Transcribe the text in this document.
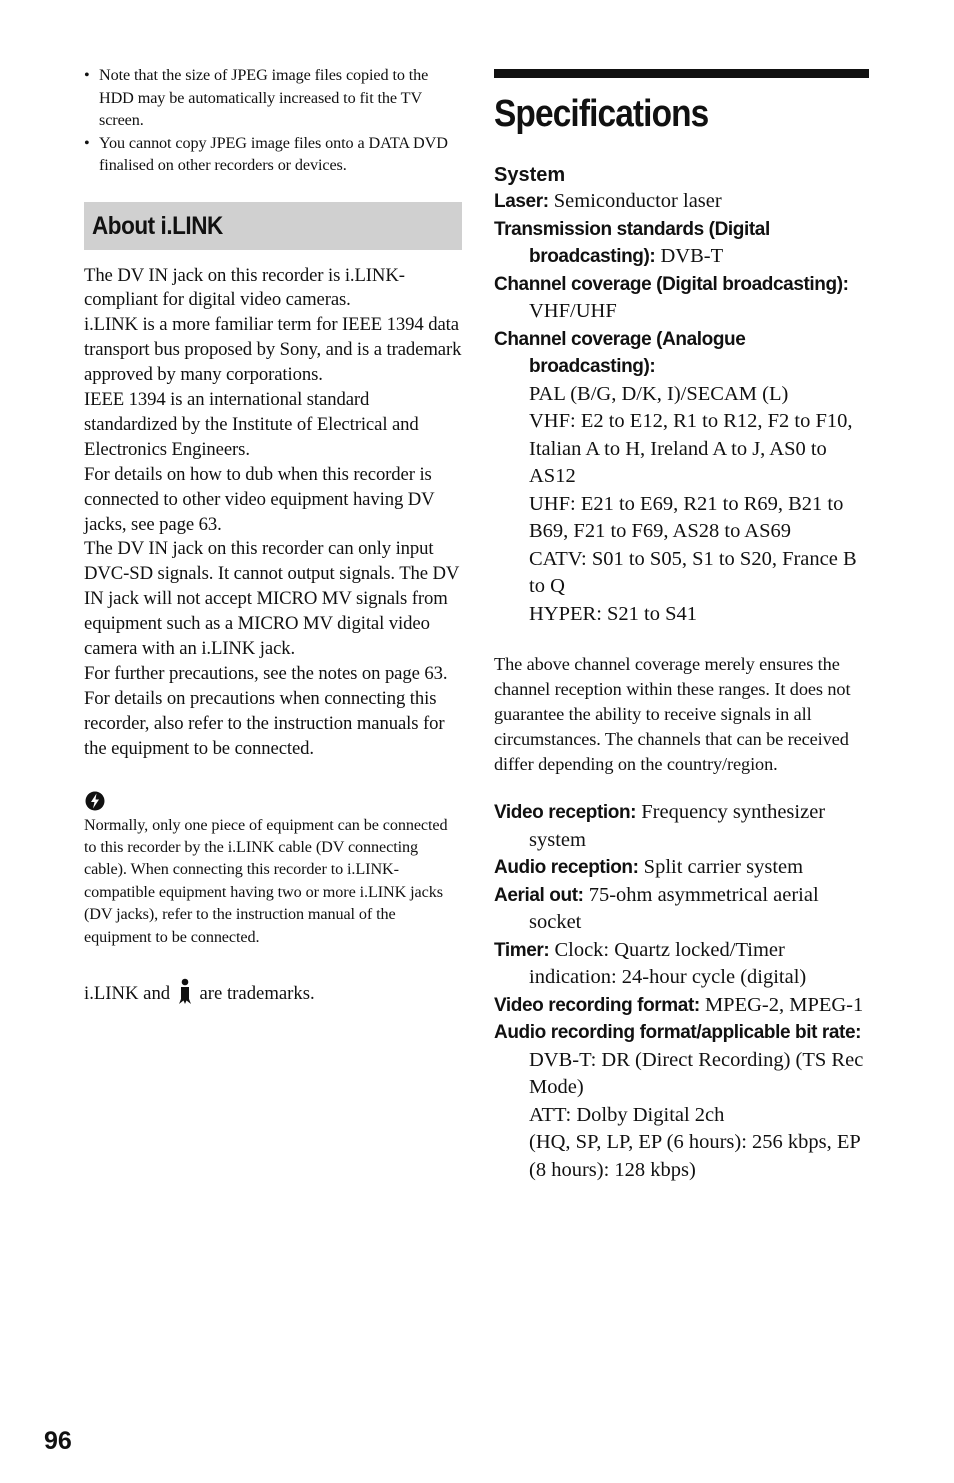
• Note that the size of JPEG image files copied to the HDD may be automatically increased to fit the TV screen.
• You cannot copy JPEG image files onto a DATA DVD finalised on other recorders or devices.
About i.LINK

The DV IN jack on this recorder is i.LINK-compliant for digital video cameras.

i.LINK is a more familiar term for IEEE 1394 data transport bus proposed by Sony, and is a trademark approved by many corporations.

IEEE 1394 is an international standard standardized by the Institute of Electrical and Electronics Engineers.

For details on how to dub when this recorder is connected to other video equipment having DV jacks, see page 63.

The DV IN jack on this recorder can only input DVC-SD signals. It cannot output signals. The DV IN jack will not accept MICRO MV signals from equipment such as a MICRO MV digital video camera with an i.LINK jack.

For further precautions, see the notes on page 63.

For details on precautions when connecting this recorder, also refer to the instruction manuals for the equipment to be connected.

Normally, only one piece of equipment can be connected to this recorder by the i.LINK cable (DV connecting cable). When connecting this recorder to i.LINK-compatible equipment having two or more i.LINK jacks (DV jacks), refer to the instruction manual of the equipment to be connected.

i.LINK and are trademarks.
Specifications
System
Laser: Semiconductor laser
Transmission standards (Digital broadcasting): DVB-T
Channel coverage (Digital broadcasting): VHF/UHF
Channel coverage (Analogue broadcasting):
PAL (B/G, D/K, I)/SECAM (L)
VHF: E2 to E12, R1 to R12, F2 to F10, Italian A to H, Ireland A to J, AS0 to AS12
UHF: E21 to E69, R21 to R69, B21 to B69, F21 to F69, AS28 to AS69
CATV: S01 to S05, S1 to S20, France B to Q
HYPER: S21 to S41
The above channel coverage merely ensures the channel reception within these ranges. It does not guarantee the ability to receive signals in all circumstances. The channels that can be received differ depending on the country/region.
Video reception: Frequency synthesizer system
Audio reception: Split carrier system
Aerial out: 75-ohm asymmetrical aerial socket
Timer: Clock: Quartz locked/Timer indication: 24-hour cycle (digital)
Video recording format: MPEG-2, MPEG-1
Audio recording format/applicable bit rate:
DVB-T: DR (Direct Recording) (TS Rec Mode)
ATT: Dolby Digital 2ch
(HQ, SP, LP, EP (6 hours): 256 kbps, EP (8 hours): 128 kbps)
96
